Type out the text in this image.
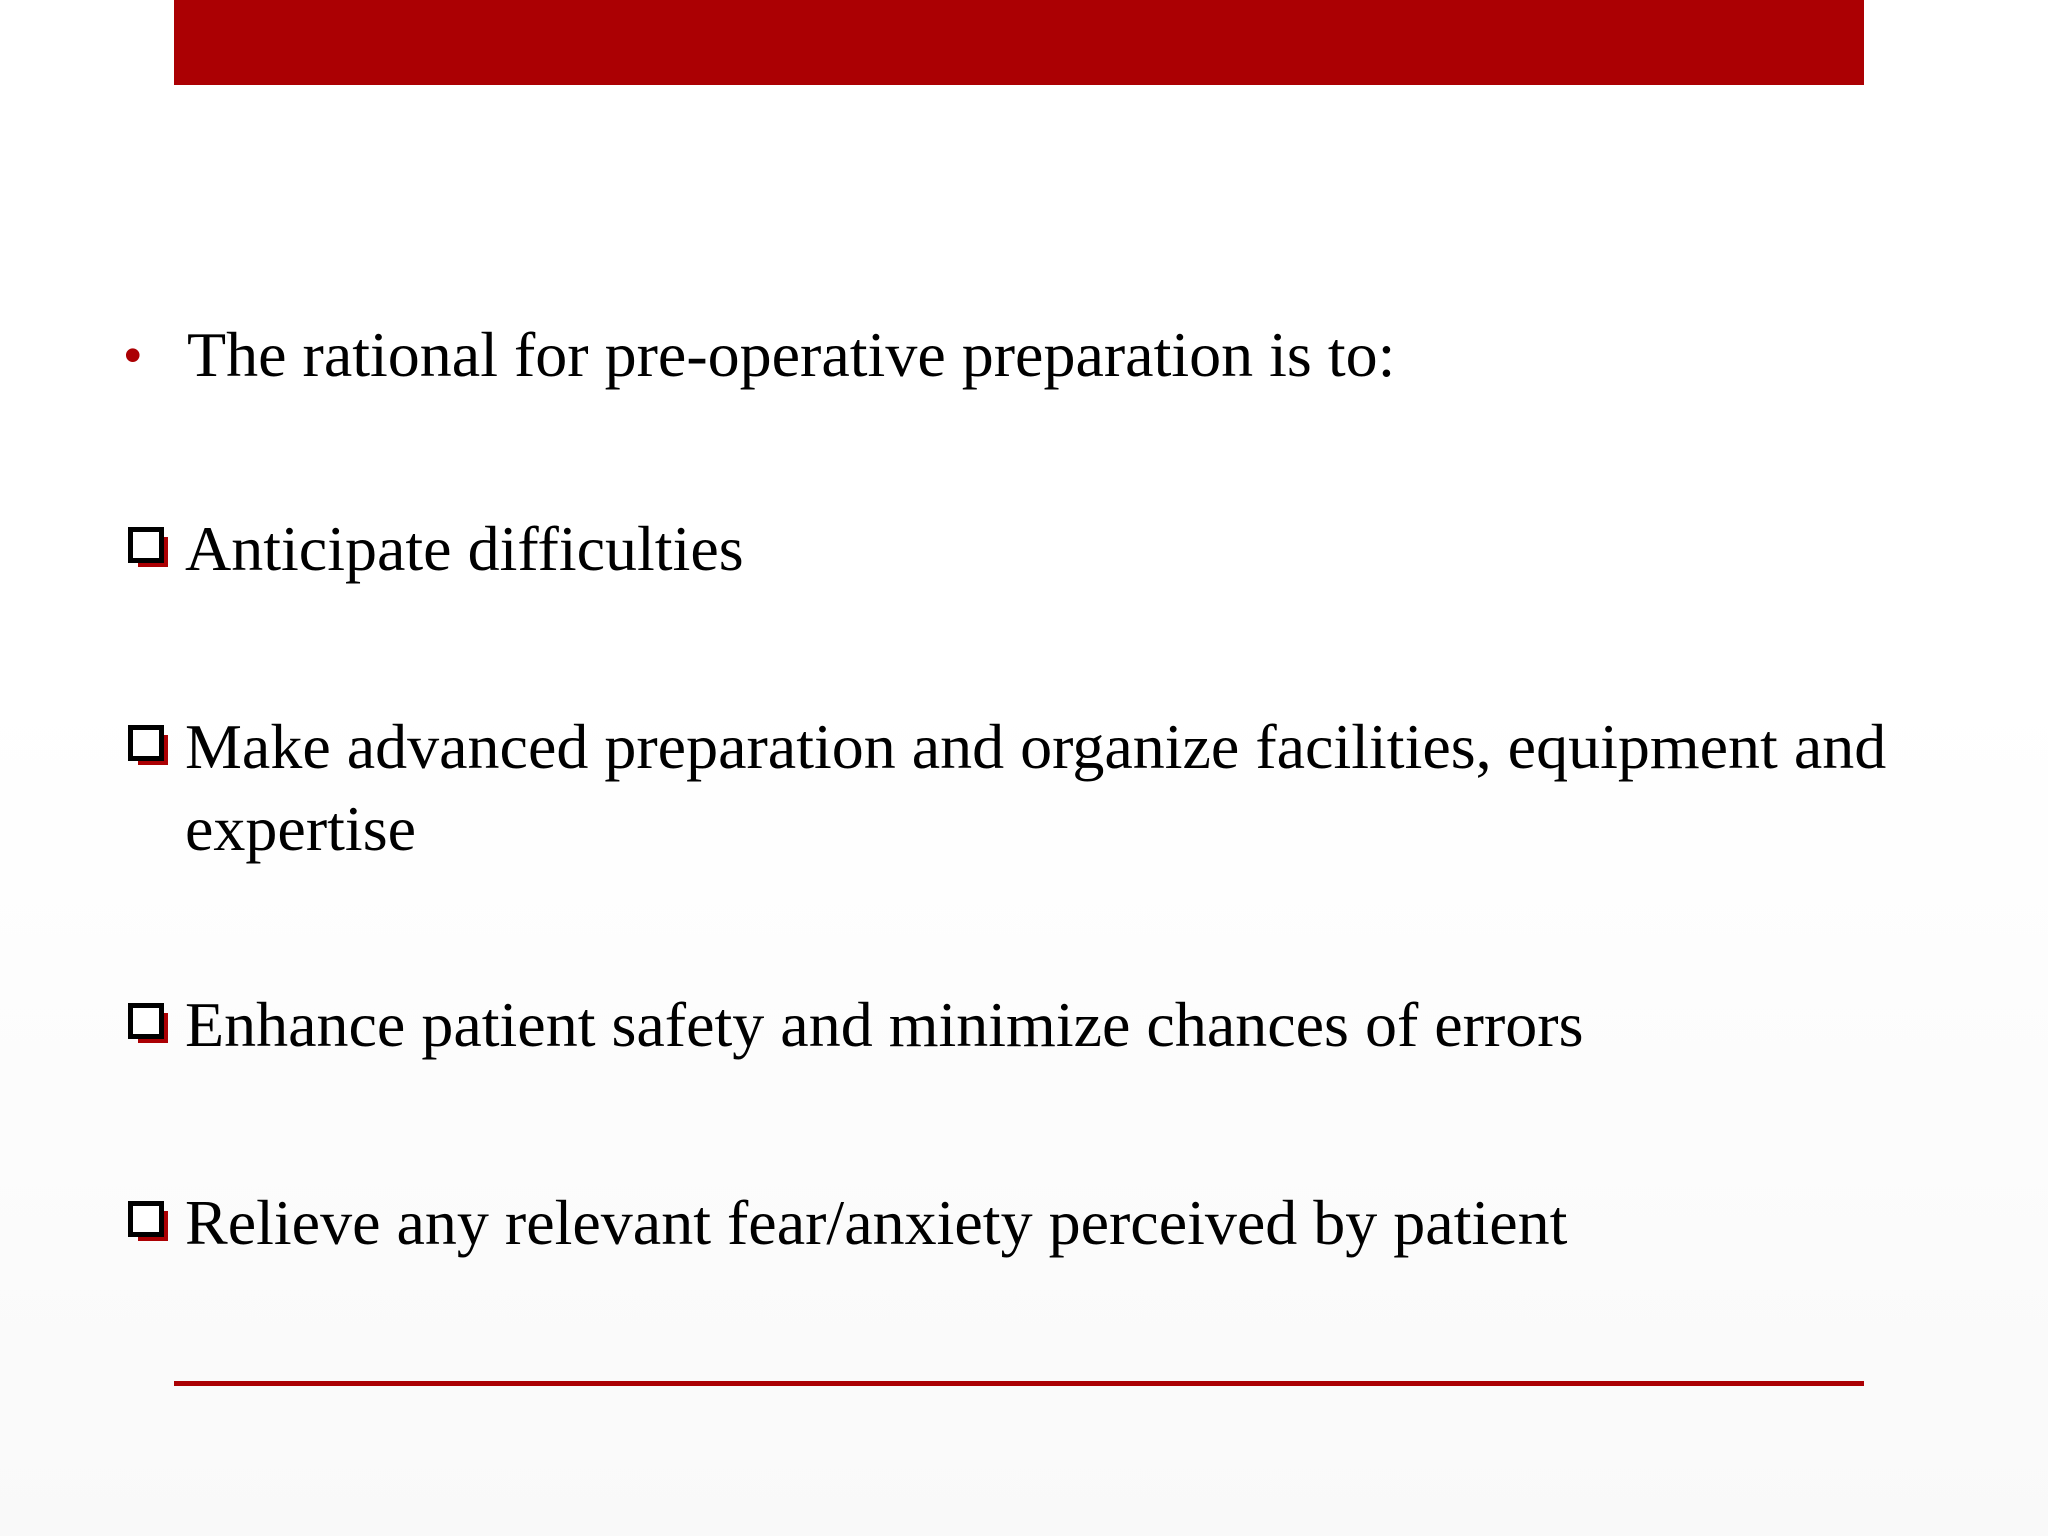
• The rational for pre-operative preparation is to:
Anticipate difficulties
Make advanced preparation and organize facilities, equipment and expertise
Enhance patient safety and minimize chances of errors
Relieve any relevant fear/anxiety perceived by patient
